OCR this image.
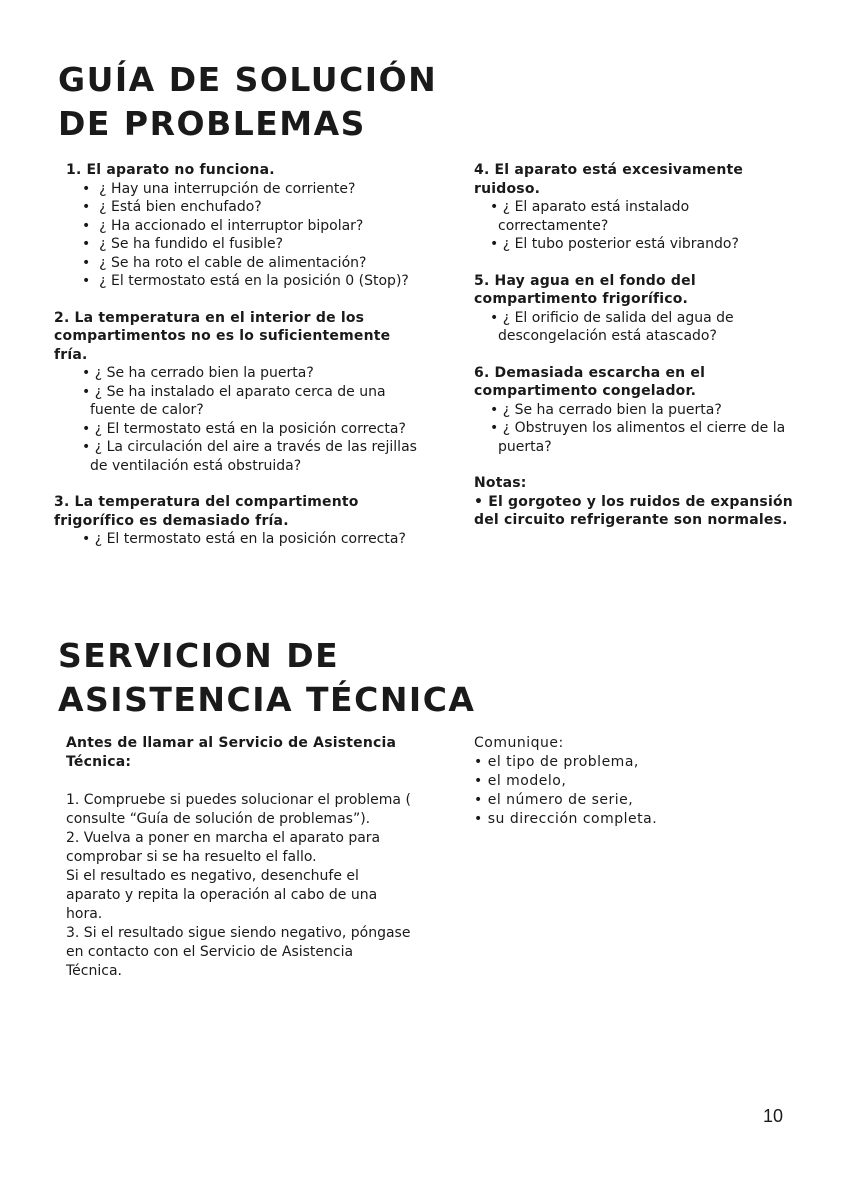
GUÍA DE SOLUCIÓN
DE PROBLEMAS
1. El aparato no funciona.
•  ¿ Hay una interrupción de corriente?
•  ¿ Está bien enchufado?
•  ¿ Ha accionado el interruptor bipolar?
•  ¿ Se ha fundido el fusible?
•  ¿ Se ha roto el cable de alimentación?
•  ¿ El termostato está en la posición 0 (Stop)?
2. La temperatura en el interior de los compartimentos no es lo suficientemente fría.
• ¿ Se ha cerrado bien la puerta?
• ¿ Se ha instalado el aparato cerca de una fuente de calor?
• ¿ El termostato está en la posición correcta?
• ¿ La circulación del aire a través de las rejillas de ventilación está obstruida?
3. La temperatura del compartimento frigorífico es demasiado fría.
• ¿ El termostato está en la posición correcta?
4. El aparato está excesivamente ruidoso.
• ¿ El aparato está instalado correctamente?
• ¿ El tubo posterior está vibrando?
5. Hay agua en el fondo del compartimento frigorífico.
• ¿ El orificio de salida del agua de descongelación está atascado?
6. Demasiada escarcha en el compartimento congelador.
• ¿ Se ha cerrado bien la puerta?
• ¿ Obstruyen los alimentos el cierre de la puerta?
Notas:
• El gorgoteo y los ruidos de expansión del circuito refrigerante son normales.
SERVICION DE
ASISTENCIA TÉCNICA
Antes de llamar al Servicio de Asistencia Técnica:
1. Compruebe si puedes solucionar el problema ( consulte “Guía de solución de problemas”).
2. Vuelva a poner en marcha el aparato para comprobar si se ha resuelto el fallo.
Si el resultado es negativo, desenchufe el aparato y repita la operación al cabo de una hora.
3. Si el resultado sigue siendo negativo, póngase en contacto con el Servicio de Asistencia Técnica.
Comunique:
• el tipo de problema,
• el modelo,
• el número de serie,
• su dirección completa.
10
